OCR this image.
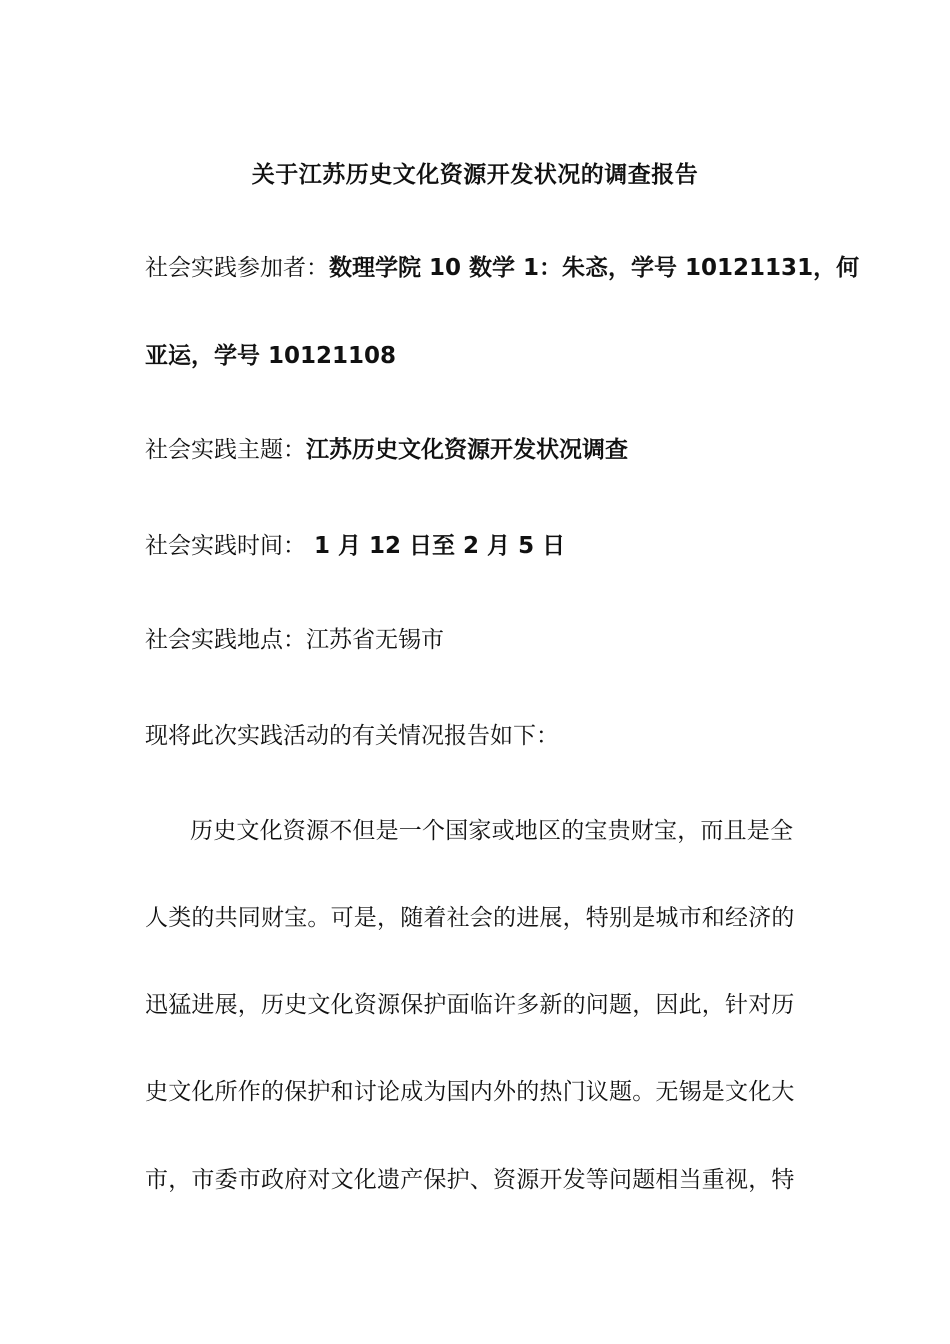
关于江苏历史文化资源开发状况的调查报告
社会实践参加者：数理学院 10 数学 1：朱忞，学号 10121131，何
亚运，学号 10121108
社会实践主题：江苏历史文化资源开发状况调查
社会实践时间： 1 月 12 日至 2 月 5 日
社会实践地点：江苏省无锡市
现将此次实践活动的有关情况报告如下：
历史文化资源不但是一个国家或地区的宝贵财宝，而且是全
人类的共同财宝。可是，随着社会的进展，特别是城市和经济的
迅猛进展，历史文化资源保护面临许多新的问题，因此，针对历
史文化所作的保护和讨论成为国内外的热门议题。无锡是文化大
市，市委市政府对文化遗产保护、资源开发等问题相当重视，特
